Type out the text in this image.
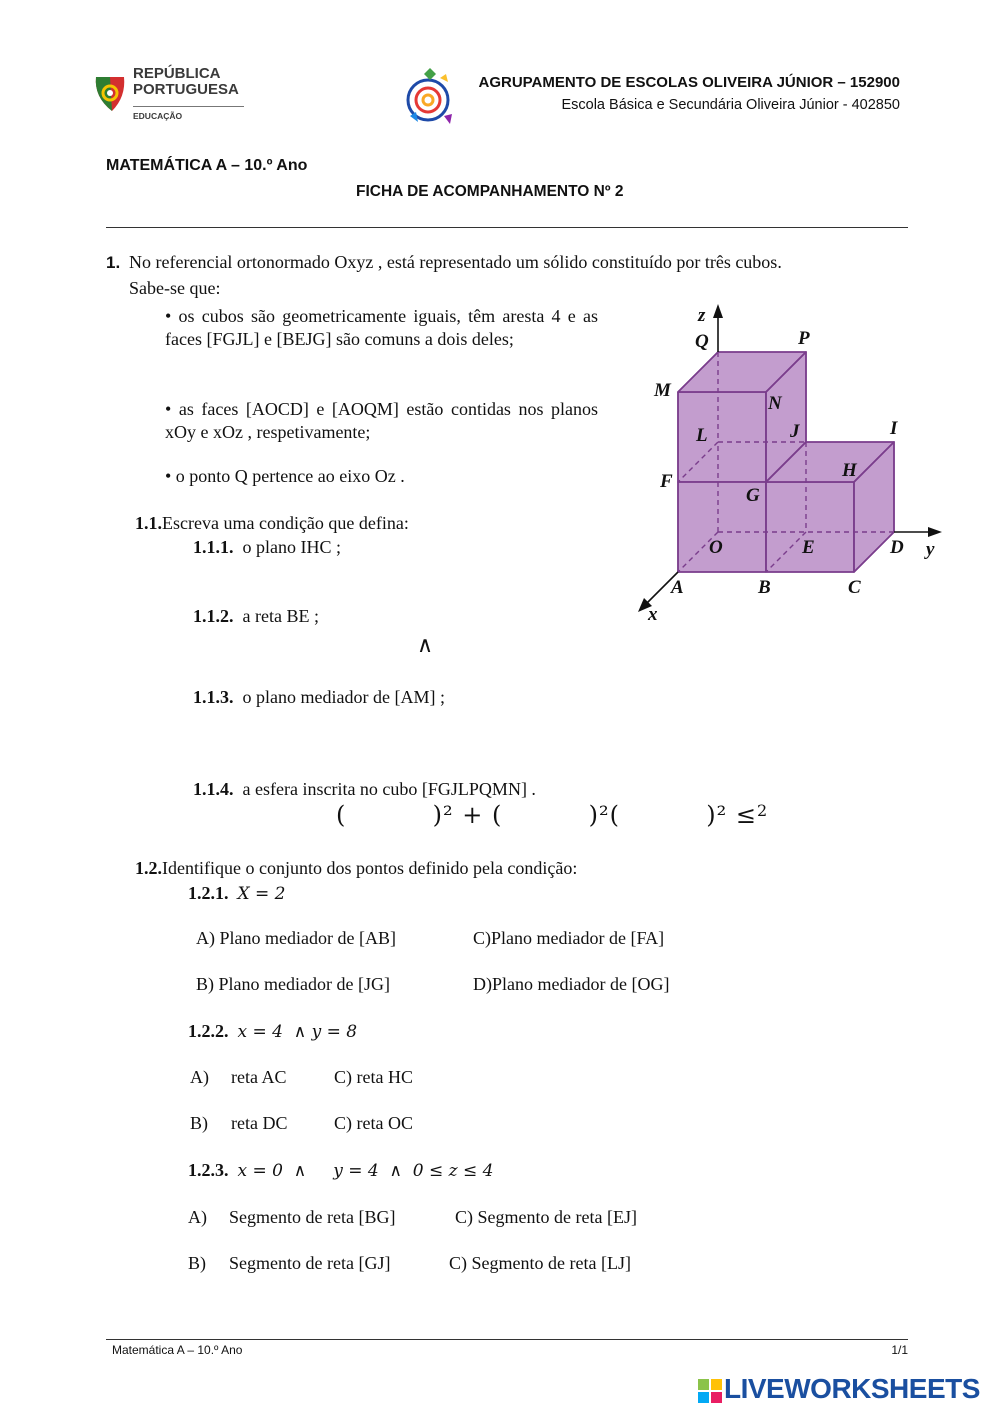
REPÚBLICA
PORTUGUESA
EDUCAÇÃO
AGRUPAMENTO DE ESCOLAS OLIVEIRA JÚNIOR – 152900
Escola Básica e Secundária Oliveira Júnior - 402850
MATEMÁTICA A – 10.º Ano
FICHA DE ACOMPANHAMENTO Nº 2
1. No referencial ortonormado Oxyz , está representado um sólido constituído por três cubos.
Sabe-se que:
• os cubos são geometricamente iguais, têm aresta 4 e as faces [FGJL] e [BEJG] são comuns a dois deles;
• as faces [AOCD] e [AOQM] estão contidas nos planos xOy e xOz , respetivamente;
• o ponto Q pertence ao eixo Oz .
1.1.Escreva uma condição que defina:
1.1.1. o plano IHC ;
1.1.2. a reta BE ;
∧
1.1.3. o plano mediador de [AM] ;
1.1.4. a esfera inscrita no cubo [FGJLPQMN] .
(          )² + (          )²(          )² ≤ 2
1.2.Identifique o conjunto dos pontos definido pela condição:
1.2.1. X = 2
A) Plano mediador de [AB]	C)Plano mediador de [FA]
B) Plano mediador de [JG]	D)Plano mediador de [OG]
1.2.2. x = 4  ∧ y = 8
A) reta AC	C) reta HC
B) reta DC	C) reta OC
1.2.3. x = 0  ∧     y = 4  ∧  0 ≤ z ≤ 4
A) Segmento de reta [BG]	C) Segmento de reta [EJ]
B) Segmento de reta [GJ]	C) Segmento de reta [LJ]
z
Q	P
M
N
L	J	I
F
G
H
O	E	D y
A	B	C
x
Matemática A – 10.º Ano	1/1
LIVEWORKSHEETS
